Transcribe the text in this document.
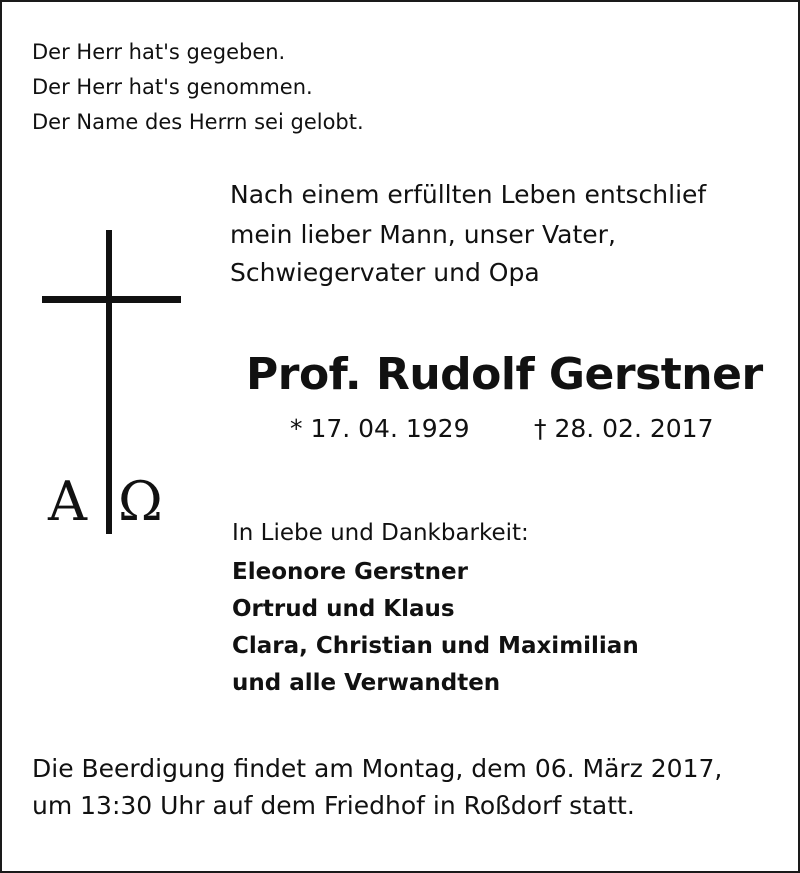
Der Herr hat's gegeben.
Der Herr hat's genommen.
Der Name des Herrn sei gelobt.
Nach einem erfüllten Leben entschlief
mein lieber Mann, unser Vater,
Schwiegervater und Opa
A Ω
Prof. Rudolf Gerstner
* 17. 04. 1929	† 28. 02. 2017
In Liebe und Dankbarkeit:
Eleonore Gerstner
Ortrud und Klaus
Clara, Christian und Maximilian
und alle Verwandten
Die Beerdigung findet am Montag, dem 06. März 2017,
um 13:30 Uhr auf dem Friedhof in Roßdorf statt.
